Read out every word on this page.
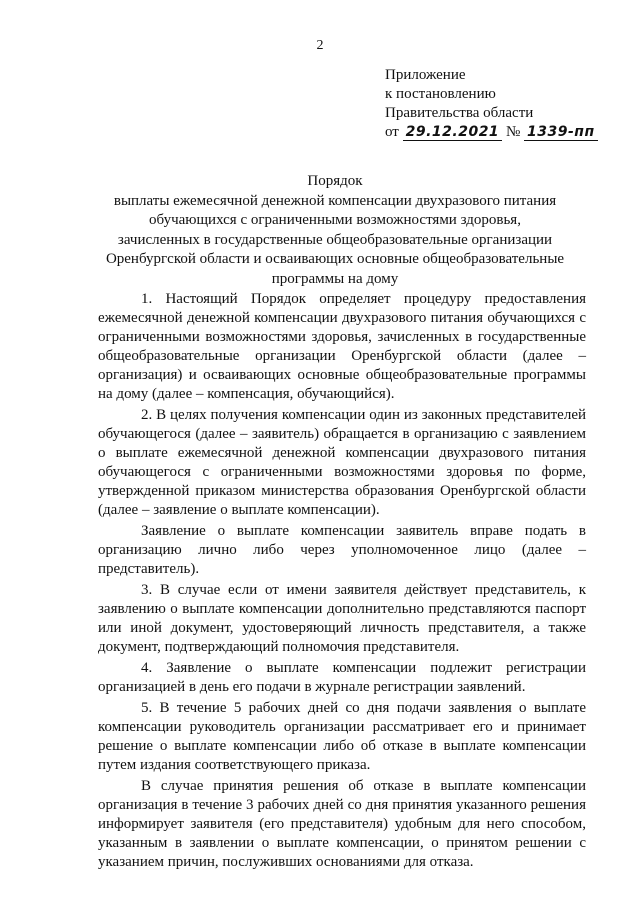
2
Приложение
к постановлению
Правительства области
от 29.12.2021 № 1339-пп
Порядок
выплаты ежемесячной денежной компенсации двухразового питания
обучающихся с ограниченными возможностями здоровья,
зачисленных в государственные общеобразовательные организации
Оренбургской области и осваивающих основные общеобразовательные
программы на дому

1. Настоящий Порядок определяет процедуру предоставления ежемесячной денежной компенсации двухразового питания обучающихся с ограниченными возможностями здоровья, зачисленных в государственные общеобразовательные организации Оренбургской области (далее – организация) и осваивающих основные общеобразовательные программы на дому (далее – компенсация, обучающийся).

2. В целях получения компенсации один из законных представителей обучающегося (далее – заявитель) обращается в организацию с заявлением о выплате ежемесячной денежной компенсации двухразового питания обучающегося с ограниченными возможностями здоровья по форме, утвержденной приказом министерства образования Оренбургской области (далее – заявление о выплате компенсации).

Заявление о выплате компенсации заявитель вправе подать в организацию лично либо через уполномоченное лицо (далее – представитель).

3. В случае если от имени заявителя действует представитель, к заявлению о выплате компенсации дополнительно представляются паспорт или иной документ, удостоверяющий личность представителя, а также документ, подтверждающий полномочия представителя.

4. Заявление о выплате компенсации подлежит регистрации организацией в день его подачи в журнале регистрации заявлений.

5. В течение 5 рабочих дней со дня подачи заявления о выплате компенсации руководитель организации рассматривает его и принимает решение о выплате компенсации либо об отказе в выплате компенсации путем издания соответствующего приказа.

В случае принятия решения об отказе в выплате компенсации организация в течение 3 рабочих дней со дня принятия указанного решения информирует заявителя (его представителя) удобным для него способом, указанным в заявлении о выплате компенсации, о принятом решении с указанием причин, послуживших основаниями для отказа.
